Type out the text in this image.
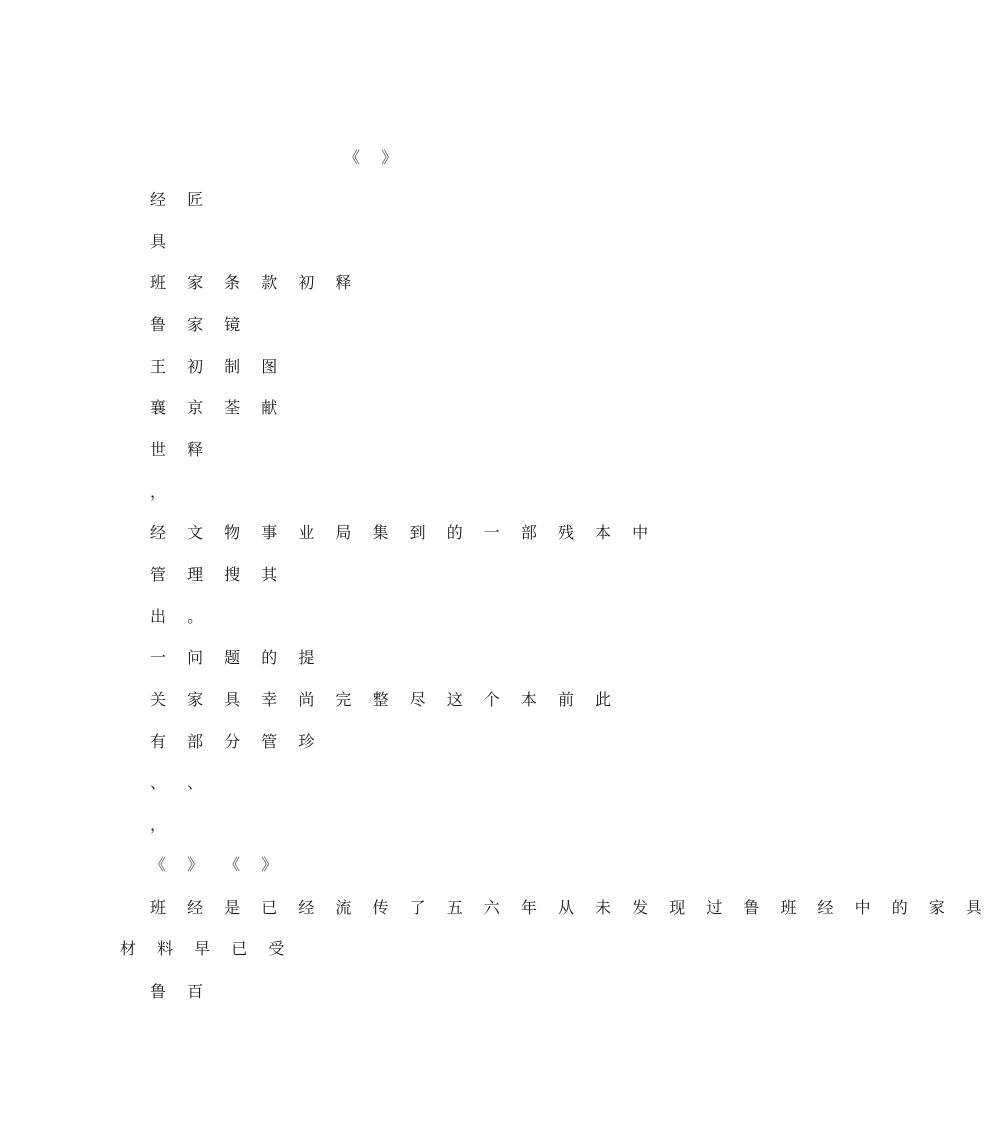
《 》
经 匠
具
班 家 条 款 初 释
鲁 家 镜
王 初 制 图
襄 京 荃 献
世 释
，
经 文 物 事 业 局 集 到 的 一 部 残 本 中
管 理 搜 其
出 。
一 问 题 的 提
关 家 具 幸 尚 完 整 尽 这 个 本 前 此
有 部 分 管 珍
、 、
，
《 》 《 》
班 经 是 已 经 流 传 了 五 六 年 从 未 发 现 过 鲁 班 经 中 的 家 具
材 料 早 已 受
鲁 百
